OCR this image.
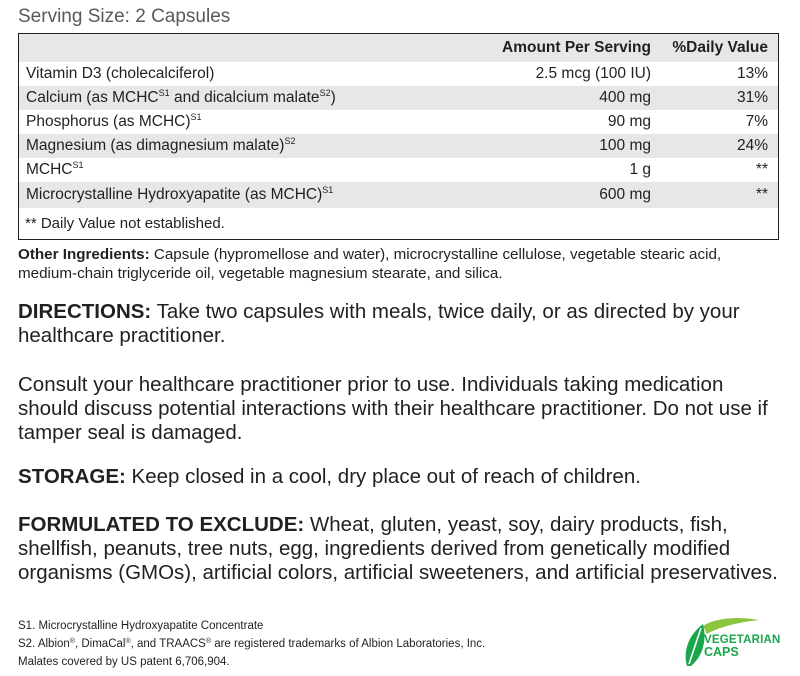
Serving Size: 2 Capsules
Amount Per Serving %Daily Value
Vitamin D3 (cholecalciferol)	2.5 mcg (100 IU)	13%
Calcium (as $MCHC^{S1}$ and dicalcium malate$^{S2}$)	400 mg	31%
Phosphorus (as MCHC)$^{S1}$	90 mg	7%
Magnesium (as dimagnesium malate)$^{S2}$	100 mg	24%
$MCHC^{S1}$	1 g	**
Microcrystalline Hydroxyapatite (as MCHC)$^{S1}$	600 mg	**
** Daily Value not established.
Other Ingredients: Capsule (hypromellose and water), microcrystalline cellulose, vegetable stearic acid, medium-chain triglyceride oil, vegetable magnesium stearate, and silica.
DIRECTIONS: Take two capsules with meals, twice daily, or as directed by your healthcare practitioner.
Consult your healthcare practitioner prior to use. Individuals taking medication should discuss potential interactions with their healthcare practitioner. Do not use if tamper seal is damaged.
STORAGE: Keep closed in a cool, dry place out of reach of children.
FORMULATED TO EXCLUDE: Wheat, gluten, yeast, soy, dairy products, fish, shellfish, peanuts, tree nuts, egg, ingredients derived from genetically modified organisms (GMOs), artificial colors, artificial sweeteners, and artificial preservatives.
S1. Microcrystalline Hydroxyapatite Concentrate
S2. Albion®, DimaCal®, and TRAACS® are registered trademarks of Albion Laboratories, Inc.
Malates covered by US patent 6,706,904.
VEGETARIAN
CAPS
